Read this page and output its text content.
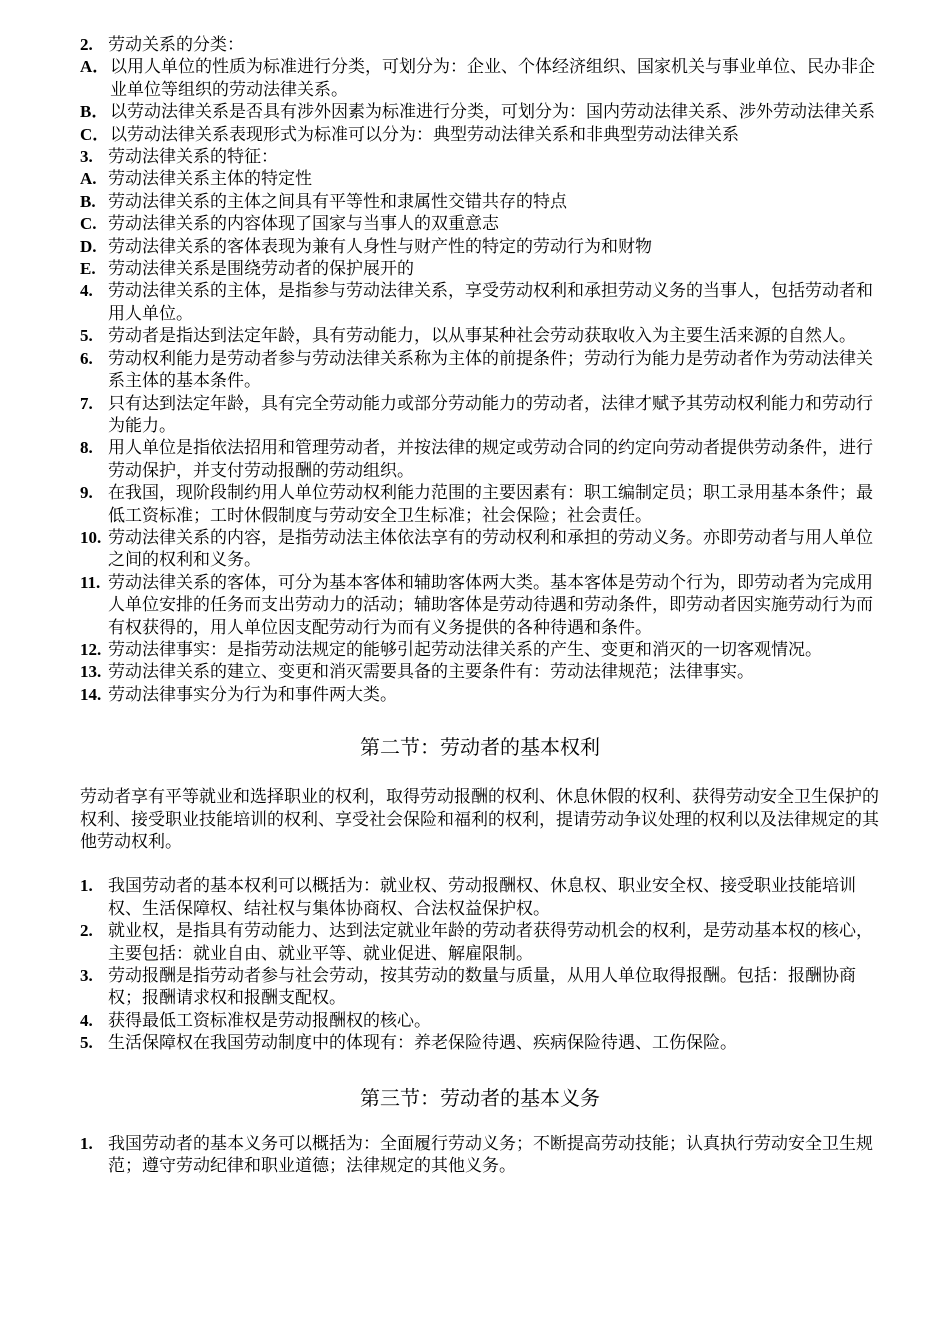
2. 劳动关系的分类：
A． 以用人单位的性质为标准进行分类，可划分为：企业、个体经济组织、国家机关与事业单位、民办非企业单位等组织的劳动法律关系。
B． 以劳动法律关系是否具有涉外因素为标准进行分类，可划分为：国内劳动法律关系、涉外劳动法律关系
C． 以劳动法律关系表现形式为标准可以分为：典型劳动法律关系和非典型劳动法律关系
3. 劳动法律关系的特征：
A. 劳动法律关系主体的特定性
B. 劳动法律关系的主体之间具有平等性和隶属性交错共存的特点
C. 劳动法律关系的内容体现了国家与当事人的双重意志
D. 劳动法律关系的客体表现为兼有人身性与财产性的特定的劳动行为和财物
E. 劳动法律关系是围绕劳动者的保护展开的
4. 劳动法律关系的主体，是指参与劳动法律关系，享受劳动权利和承担劳动义务的当事人，包括劳动者和用人单位。
5. 劳动者是指达到法定年龄，具有劳动能力，以从事某种社会劳动获取收入为主要生活来源的自然人。
6. 劳动权利能力是劳动者参与劳动法律关系称为主体的前提条件；劳动行为能力是劳动者作为劳动法律关系主体的基本条件。
7. 只有达到法定年龄，具有完全劳动能力或部分劳动能力的劳动者，法律才赋予其劳动权利能力和劳动行为能力。
8. 用人单位是指依法招用和管理劳动者，并按法律的规定或劳动合同的约定向劳动者提供劳动条件，进行劳动保护，并支付劳动报酬的劳动组织。
9. 在我国，现阶段制约用人单位劳动权利能力范围的主要因素有：职工编制定员；职工录用基本条件；最低工资标准；工时休假制度与劳动安全卫生标准；社会保险；社会责任。
10. 劳动法律关系的内容，是指劳动法主体依法享有的劳动权利和承担的劳动义务。亦即劳动者与用人单位之间的权利和义务。
11. 劳动法律关系的客体，可分为基本客体和辅助客体两大类。基本客体是劳动个行为，即劳动者为完成用人单位安排的任务而支出劳动力的活动；辅助客体是劳动待遇和劳动条件，即劳动者因实施劳动行为而有权获得的，用人单位因支配劳动行为而有义务提供的各种待遇和条件。
12. 劳动法律事实：是指劳动法规定的能够引起劳动法律关系的产生、变更和消灭的一切客观情况。
13. 劳动法律关系的建立、变更和消灭需要具备的主要条件有：劳动法律规范；法律事实。
14. 劳动法律事实分为行为和事件两大类。
第二节：劳动者的基本权利
劳动者享有平等就业和选择职业的权利，取得劳动报酬的权利、休息休假的权利、获得劳动安全卫生保护的权利、接受职业技能培训的权利、享受社会保险和福利的权利，提请劳动争议处理的权利以及法律规定的其他劳动权利。
1. 我国劳动者的基本权利可以概括为：就业权、劳动报酬权、休息权、职业安全权、接受职业技能培训权、生活保障权、结社权与集体协商权、合法权益保护权。
2. 就业权，是指具有劳动能力、达到法定就业年龄的劳动者获得劳动机会的权利，是劳动基本权的核心，主要包括：就业自由、就业平等、就业促进、解雇限制。
3. 劳动报酬是指劳动者参与社会劳动，按其劳动的数量与质量，从用人单位取得报酬。包括：报酬协商权；报酬请求权和报酬支配权。
4. 获得最低工资标准权是劳动报酬权的核心。
5. 生活保障权在我国劳动制度中的体现有：养老保险待遇、疾病保险待遇、工伤保险。
第三节：劳动者的基本义务
1. 我国劳动者的基本义务可以概括为：全面履行劳动义务；不断提高劳动技能；认真执行劳动安全卫生规范；遵守劳动纪律和职业道德；法律规定的其他义务。
